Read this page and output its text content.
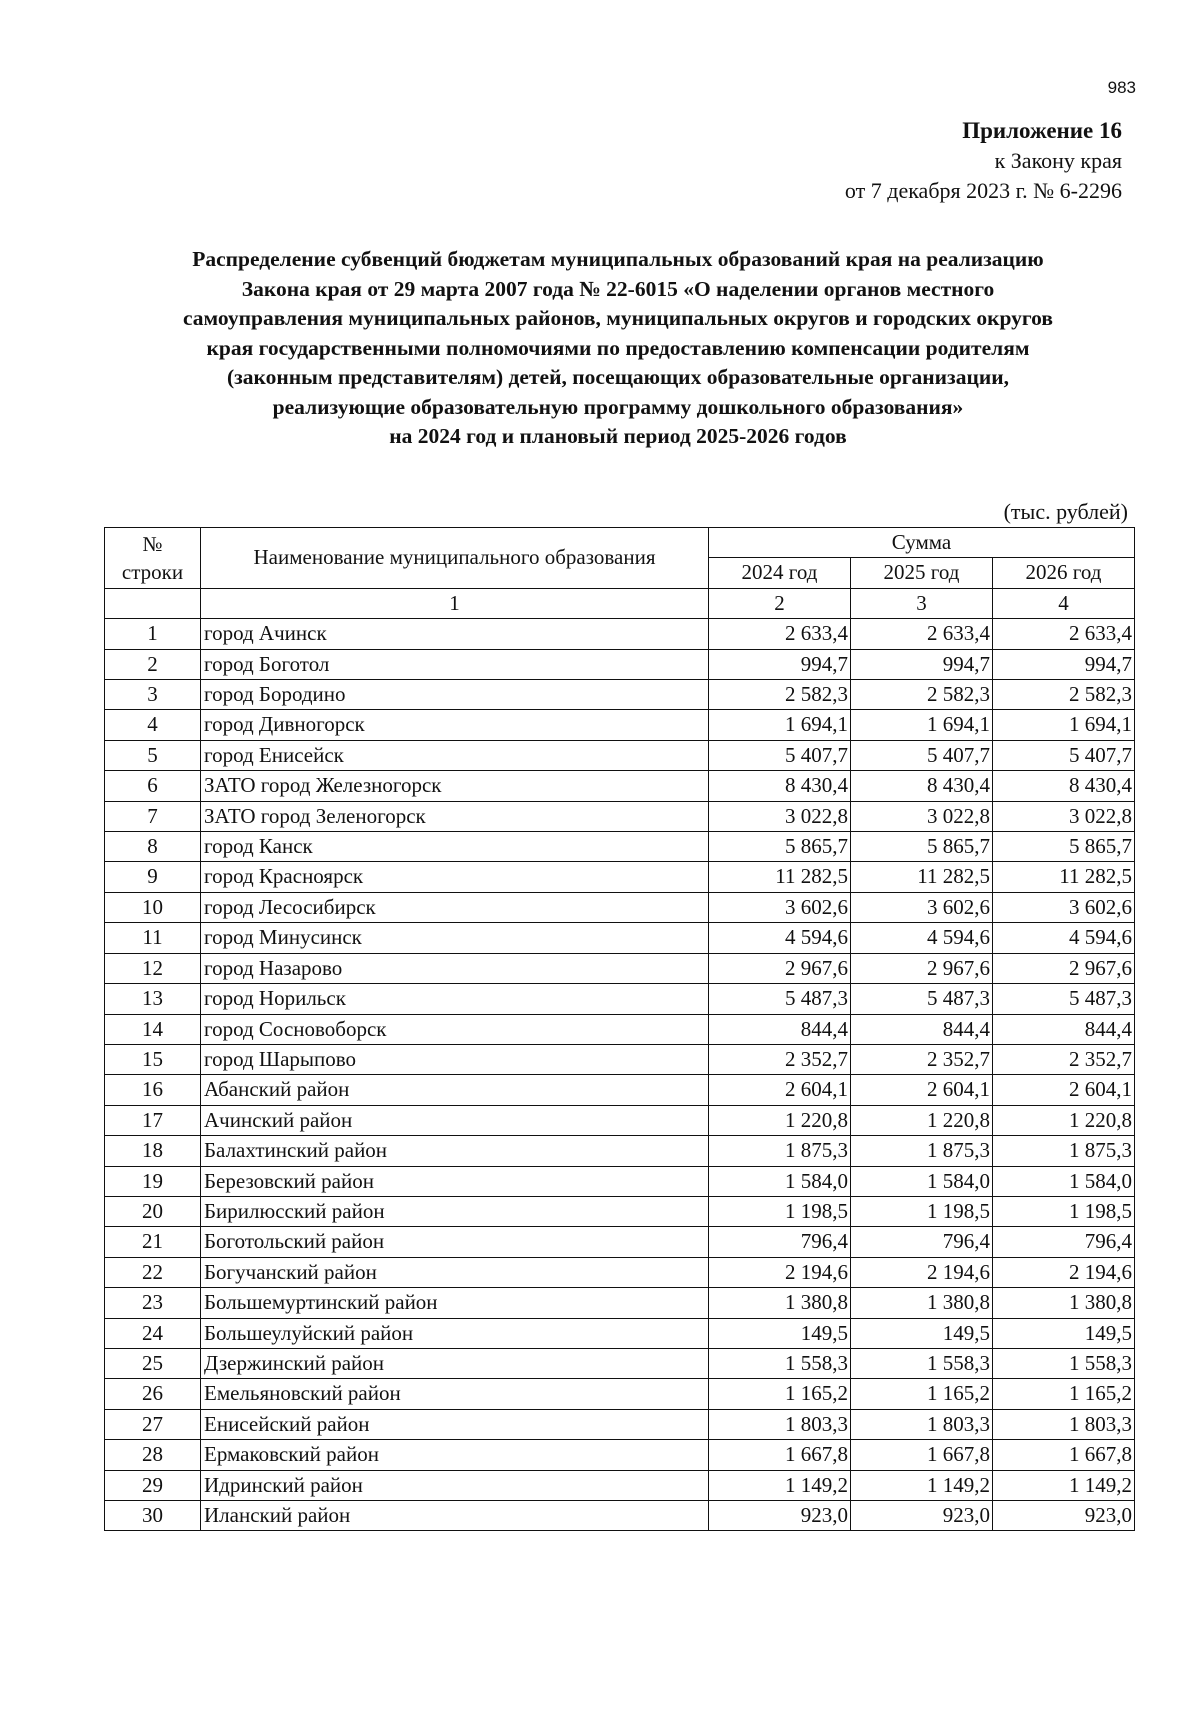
983
Приложение 16
к Закону края
от 7 декабря 2023 г. № 6-2296
Распределение субвенций бюджетам муниципальных образований края на реализацию
Закона края от 29 марта 2007 года № 22-6015 «О наделении органов местного
самоуправления муниципальных районов, муниципальных округов и городских округов
края государственными полномочиями по предоставлению компенсации родителям
(законным представителям) детей, посещающих образовательные организации,
реализующие образовательную программу дошкольного образования»
на 2024 год и плановый период 2025-2026 годов
(тыс. рублей)
№
строки	Наименование муниципального образования	Сумма		
		2024 год	2025 год	2026 год
	1	2	3	4
1	город Ачинск	2 633,4	2 633,4	2 633,4
2	город Боготол	994,7	994,7	994,7
3	город Бородино	2 582,3	2 582,3	2 582,3
4	город Дивногорск	1 694,1	1 694,1	1 694,1
5	город Енисейск	5 407,7	5 407,7	5 407,7
6	ЗАТО город Железногорск	8 430,4	8 430,4	8 430,4
7	ЗАТО город Зеленогорск	3 022,8	3 022,8	3 022,8
8	город Канск	5 865,7	5 865,7	5 865,7
9	город Красноярск	11 282,5	11 282,5	11 282,5
10	город Лесосибирск	3 602,6	3 602,6	3 602,6
11	город Минусинск	4 594,6	4 594,6	4 594,6
12	город Назарово	2 967,6	2 967,6	2 967,6
13	город Норильск	5 487,3	5 487,3	5 487,3
14	город Сосновоборск	844,4	844,4	844,4
15	город Шарыпово	2 352,7	2 352,7	2 352,7
16	Абанский район	2 604,1	2 604,1	2 604,1
17	Ачинский район	1 220,8	1 220,8	1 220,8
18	Балахтинский район	1 875,3	1 875,3	1 875,3
19	Березовский район	1 584,0	1 584,0	1 584,0
20	Бирилюсский район	1 198,5	1 198,5	1 198,5
21	Боготольский район	796,4	796,4	796,4
22	Богучанский район	2 194,6	2 194,6	2 194,6
23	Большемуртинский район	1 380,8	1 380,8	1 380,8
24	Большеулуйский район	149,5	149,5	149,5
25	Дзержинский район	1 558,3	1 558,3	1 558,3
26	Емельяновский район	1 165,2	1 165,2	1 165,2
27	Енисейский район	1 803,3	1 803,3	1 803,3
28	Ермаковский район	1 667,8	1 667,8	1 667,8
29	Идринский район	1 149,2	1 149,2	1 149,2
30	Иланский район	923,0	923,0	923,0
